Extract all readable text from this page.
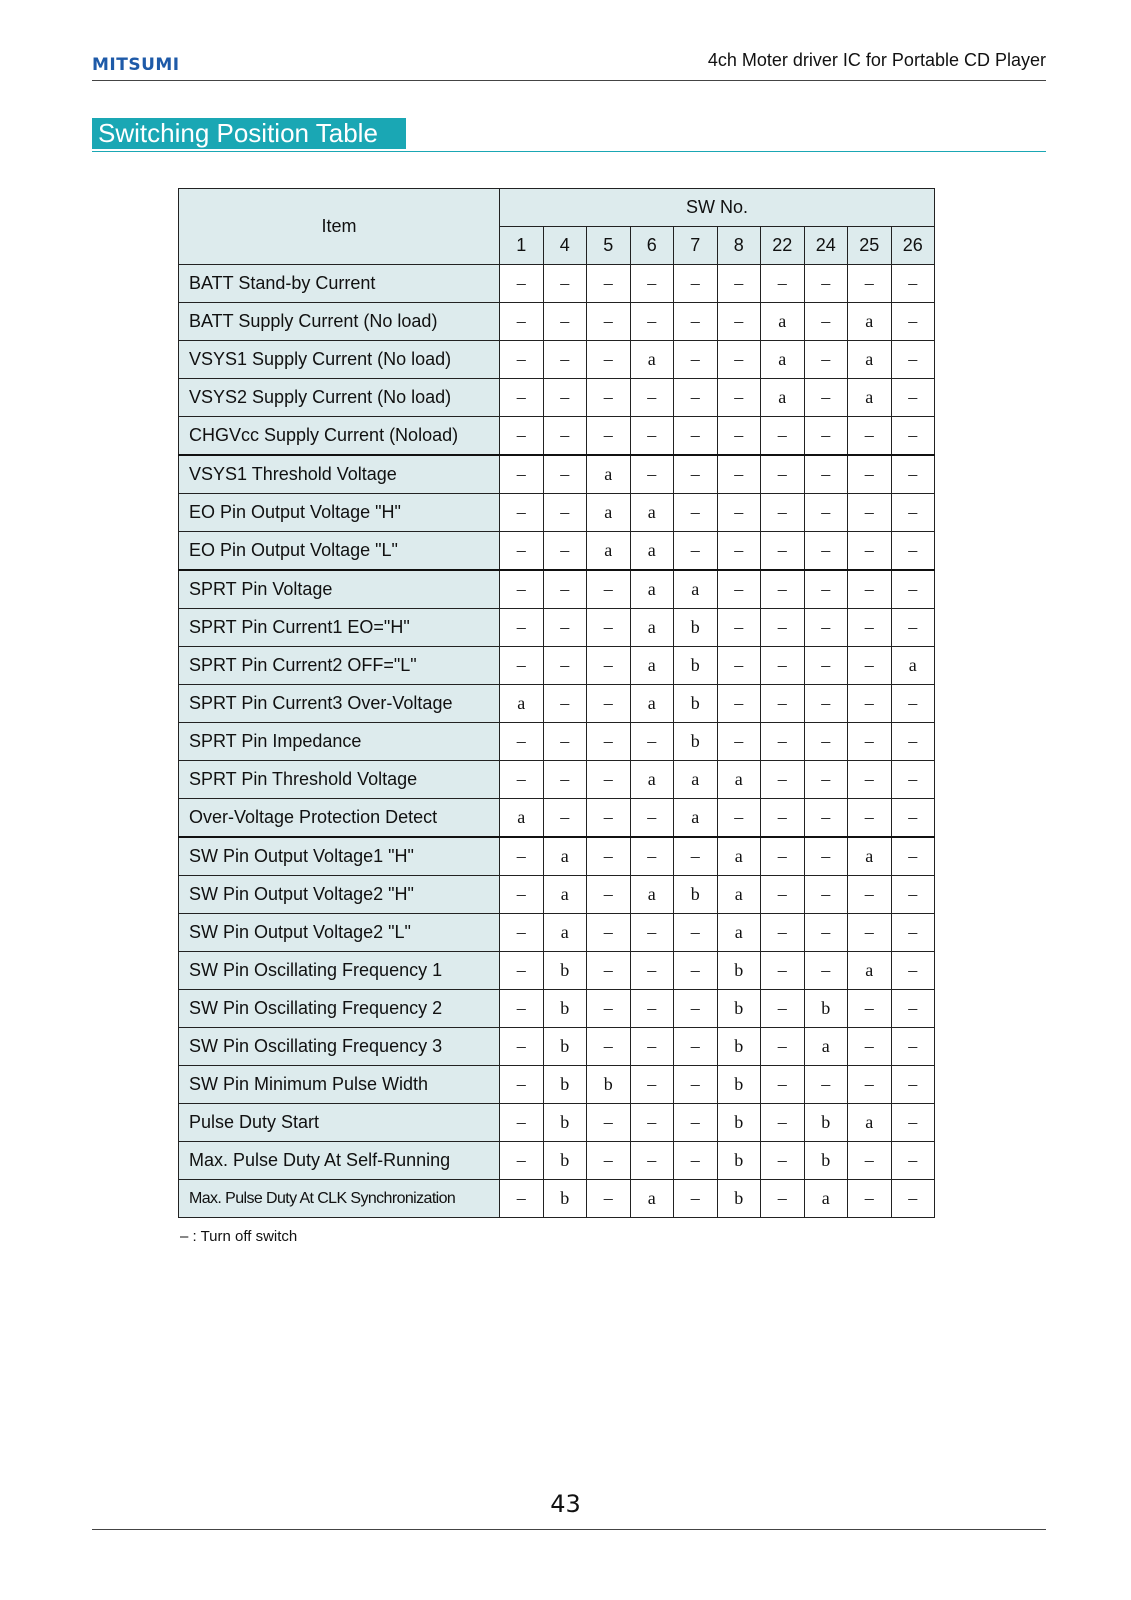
MITSUMI	4ch Moter driver IC for Portable CD Player
Switching Position Table
Item	SW No.									
	1	4	5	6	7	8	22	24	25	26
BATT Stand-by Current	–	–	–	–	–	–	–	–	–	–
BATT Supply Current (No load)	–	–	–	–	–	–	a	–	a	–
VSYS1 Supply Current (No load)	–	–	–	a	–	–	a	–	a	–
VSYS2 Supply Current (No load)	–	–	–	–	–	–	a	–	a	–
CHGVcc Supply Current (Noload)	–	–	–	–	–	–	–	–	–	–
VSYS1 Threshold Voltage	–	–	a	–	–	–	–	–	–	–
EO Pin Output Voltage "H"	–	–	a	a	–	–	–	–	–	–
EO Pin Output Voltage "L"	–	–	a	a	–	–	–	–	–	–
SPRT Pin Voltage	–	–	–	a	a	–	–	–	–	–
SPRT Pin Current1 EO="H"	–	–	–	a	b	–	–	–	–	–
SPRT Pin Current2 OFF="L"	–	–	–	a	b	–	–	–	–	a
SPRT Pin Current3 Over-Voltage	a	–	–	a	b	–	–	–	–	–
SPRT Pin Impedance	–	–	–	–	b	–	–	–	–	–
SPRT Pin Threshold Voltage	–	–	–	a	a	a	–	–	–	–
Over-Voltage Protection Detect	a	–	–	–	a	–	–	–	–	–
SW Pin Output Voltage1 "H"	–	a	–	–	–	a	–	–	a	–
SW Pin Output Voltage2 "H"	–	a	–	a	b	a	–	–	–	–
SW Pin Output Voltage2 "L"	–	a	–	–	–	a	–	–	–	–
SW Pin Oscillating Frequency 1	–	b	–	–	–	b	–	–	a	–
SW Pin Oscillating Frequency 2	–	b	–	–	–	b	–	b	–	–
SW Pin Oscillating Frequency 3	–	b	–	–	–	b	–	a	–	–
SW Pin Minimum Pulse Width	–	b	b	–	–	b	–	–	–	–
Pulse Duty Start	–	b	–	–	–	b	–	b	a	–
Max. Pulse Duty At Self-Running	–	b	–	–	–	b	–	b	–	–
Max. Pulse Duty At CLK Synchronization	–	b	–	a	–	b	–	a	–	–
– : Turn off switch
43
